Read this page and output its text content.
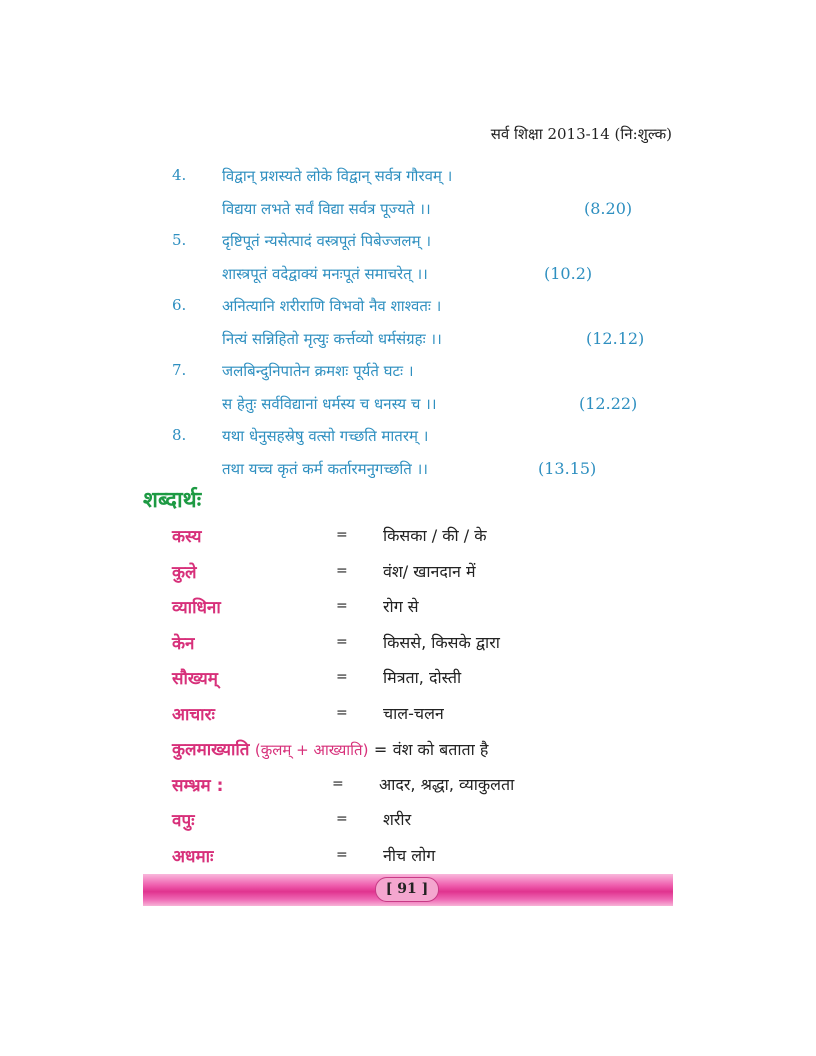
सर्व शिक्षा 2013-14 (नि:शुल्क)
4. विद्वान् प्रशस्यते लोके विद्वान् सर्वत्र गौरवम् ।
विद्यया लभते सर्वं विद्या सर्वत्र पूज्यते ।।	(8.20)
5. दृष्टिपूतं न्यसेत्पादं वस्त्रपूतं पिबेज्जलम् ।
शास्त्रपूतं वदेद्वाक्यं मनःपूतं समाचरेत् ।।	(10.2)
6. अनित्यानि शरीराणि विभवो नैव शाश्वतः ।
नित्यं सन्निहितो मृत्युः कर्त्तव्यो धर्मसंग्रहः ।।	(12.12)
7. जलबिन्दुनिपातेन क्रमशः पूर्यते घटः ।
स हेतुः सर्वविद्यानां धर्मस्य च धनस्य च ।।	(12.22)
8. यथा धेनुसहस्रेषु वत्सो गच्छति मातरम् ।
तथा यच्च कृतं कर्म कर्तारमनुगच्छति ।।	(13.15)
शब्दार्थः
कस्य	= किसका / की / के
कुले	= वंश/ खानदान में
व्याधिना	= रोग से
केन	= किससे, किसके द्वारा
सौख्यम्	= मित्रता, दोस्ती
आचारः	= चाल-चलन
कुलमाख्याति (कुलम् + आख्याति) = वंश को बताता है
सम्भ्रम :	= आदर, श्रद्धा, व्याकुलता
वपुः	= शरीर
अधमाः	= नीच लोग
[ 91 ]
